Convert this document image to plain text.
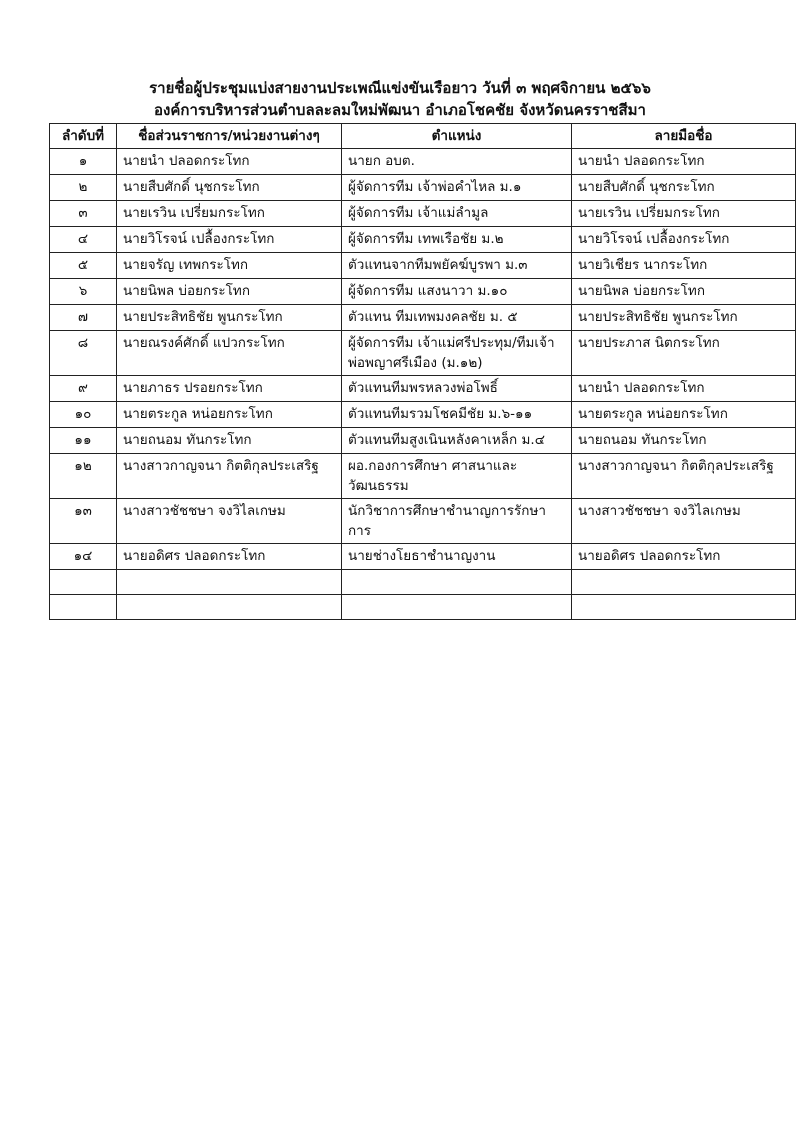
รายชื่อผู้ประชุมแบ่งสายงานประเพณีแข่งขันเรือยาว วันที่ ๓ พฤศจิกายน ๒๕๖๖
องค์การบริหารส่วนตำบลละลมใหม่พัฒนา อำเภอโชคชัย จังหวัดนครราชสีมา
ลำดับที่	ชื่อส่วนราชการ/หน่วยงานต่างๆ	ตำแหน่ง	ลายมือชื่อ
๑	นายนำ ปลอดกระโทก	นายก อบต.	นายนำ ปลอดกระโทก
๒	นายสืบศักดิ์ นุชกระโทก	ผู้จัดการทีม เจ้าพ่อคำไหล ม.๑	นายสืบศักดิ์ นุชกระโทก
๓	นายเรวิน เปรี่ยมกระโทก	ผู้จัดการทีม เจ้าแม่ลำมูล	นายเรวิน เปรี่ยมกระโทก
๔	นายวิโรจน์ เปลื้องกระโทก	ผู้จัดการทีม เทพเรือชัย ม.๒	นายวิโรจน์ เปลื้องกระโทก
๕	นายจรัญ เทพกระโทก	ตัวแทนจากทีมพยัคฆ์บูรพา ม.๓	นายวิเชียร นากระโทก
๖	นายนิพล บ่อยกระโทก	ผู้จัดการทีม แสงนาวา ม.๑๐	นายนิพล บ่อยกระโทก
๗	นายประสิทธิชัย พูนกระโทก	ตัวแทน ทีมเทพมงคลชัย ม. ๕	นายประสิทธิชัย พูนกระโทก
๘	นายณรงค์ศักดิ์ แปวกระโทก	ผู้จัดการทีม เจ้าแม่ศรีประทุม/ทีมเจ้าพ่อพญาศรีเมือง (ม.๑๒)	นายประภาส นิตกระโทก
๙	นายภาธร ปรอยกระโทก	ตัวแทนทีมพรหลวงพ่อโพธิ์	นายนำ ปลอดกระโทก
๑๐	นายตระกูล หน่อยกระโทก	ตัวแทนทีมรวมโชคมีชัย ม.๖-๑๑	นายตระกูล หน่อยกระโทก
๑๑	นายถนอม ทันกระโทก	ตัวแทนทีมสูงเนินหลังคาเหล็ก ม.๔	นายถนอม ทันกระโทก
๑๒	นางสาวกาญจนา กิตติกุลประเสริฐ	ผอ.กองการศึกษา ศาสนาและวัฒนธรรม	นางสาวกาญจนา กิตติกุลประเสริฐ
๑๓	นางสาวชัชชษา จงวิไลเกษม	นักวิชาการศึกษาชำนาญการรักษาการ	นางสาวชัชชษา จงวิไลเกษม
๑๔	นายอดิศร ปลอดกระโทก	นายช่างโยธาชำนาญงาน	นายอดิศร ปลอดกระโทก
